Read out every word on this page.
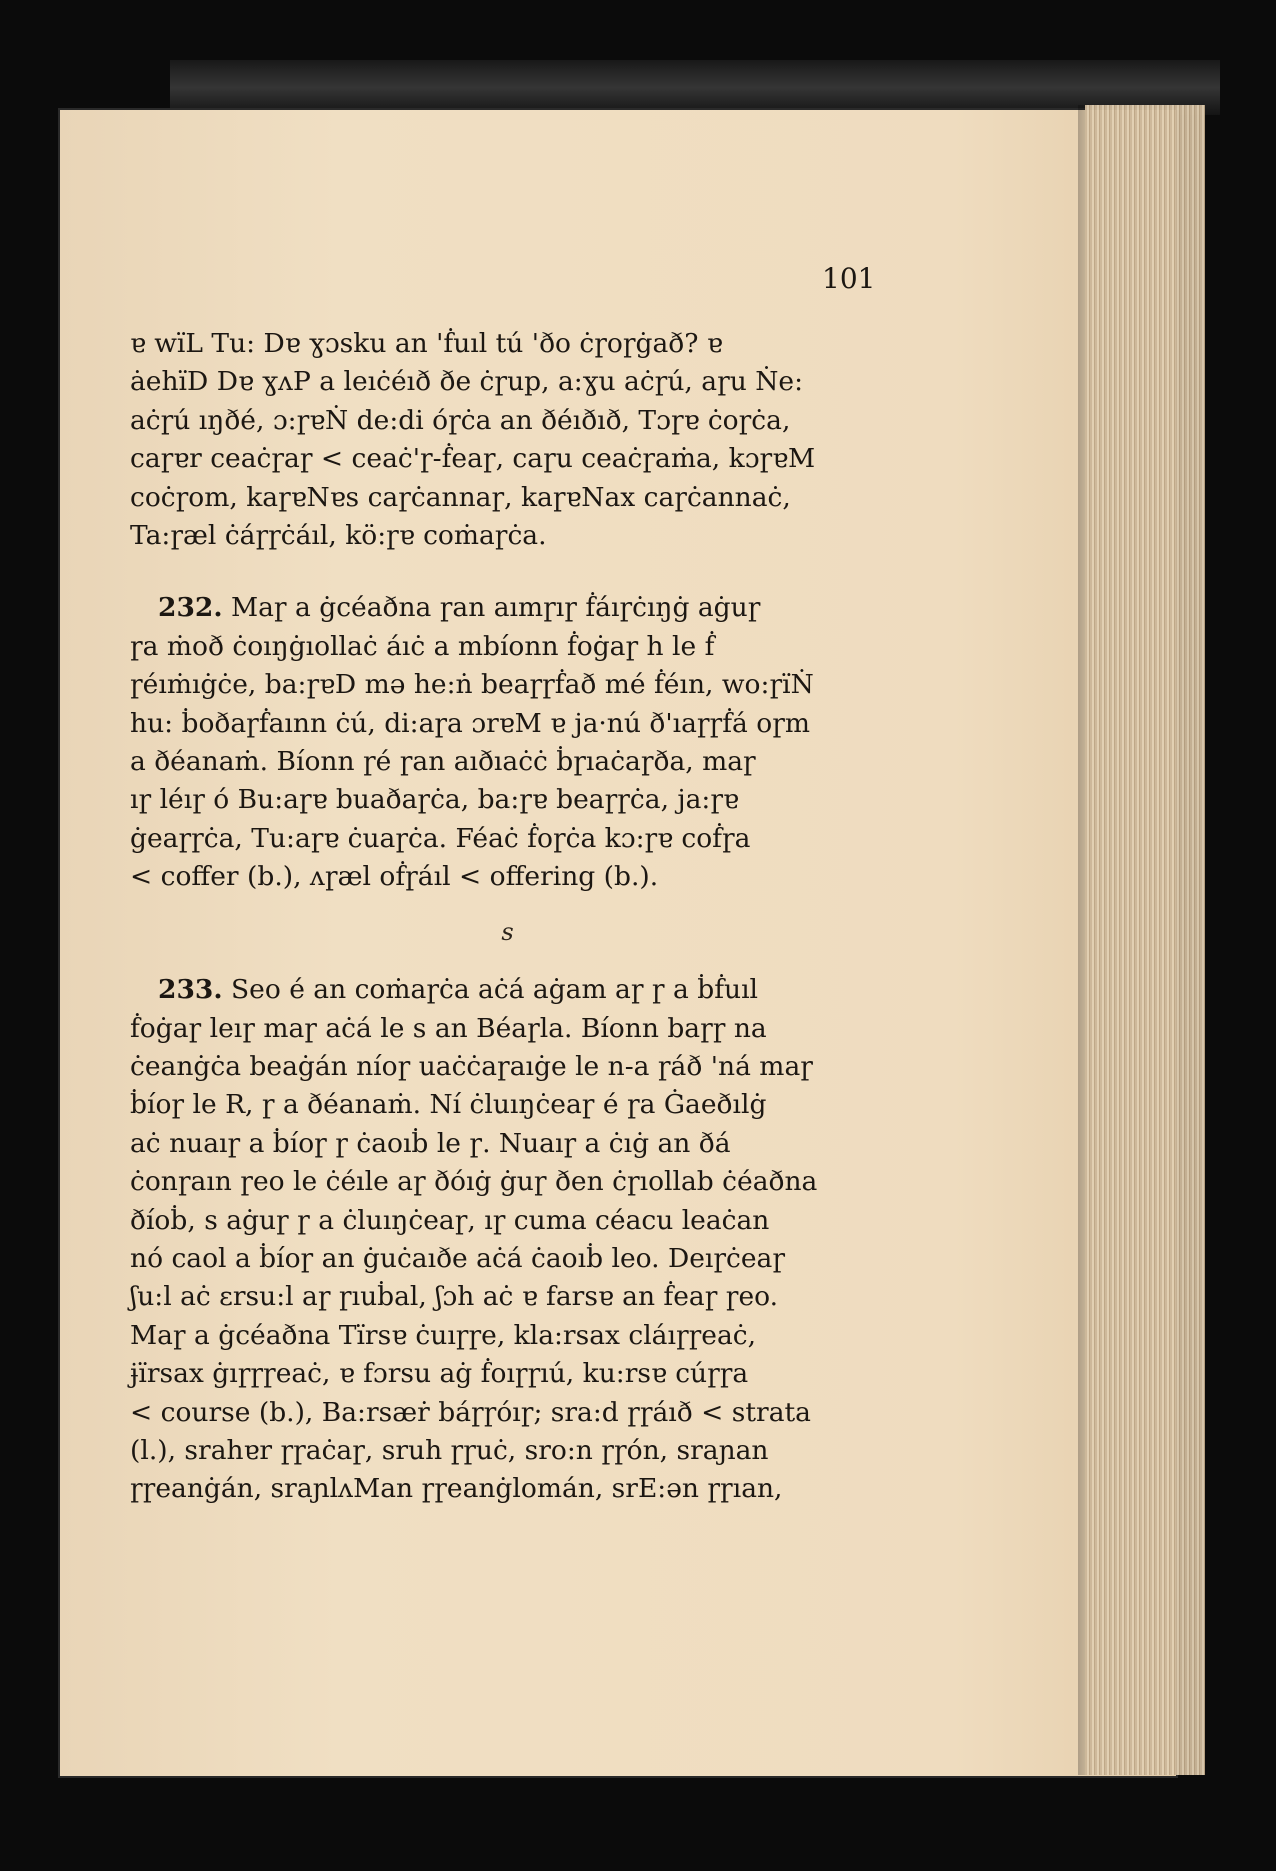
101

ɐ wïL Tu: Dɐ ɣɔsku an 'ḟuıl tú 'ðo ċɼoɼġað? ɐ

ȧehïD Dɐ ɣʌP a leıċéıð ðe ċɼup, a:ɣu aċɼú, aɼu Ṅe:

aċɼú ıŋðé, ɔ:ɼɐṄ de:di óɼċa an ðéıðıð, Tɔɼɐ ċoɼċa,

caɼɐr ceaċɼaɼ < ceaċ'ɼ-ḟeaɼ, caɼu ceaċɼaṁa, kɔɼɐM

coċɼom, kaɼɐNɐs caɼċannaɼ, kaɼɐNax caɼċannaċ,

Ta:ɼæl ċáɼɼċáıl, kö:ɼɐ coṁaɼċa.

232. Maɼ a ġcéaðna ɼan aımɼıɼ ḟáıɼċıŋġ aġuɼ

ɼa ṁoð ċoıŋġıollaċ áıċ a mbíonn ḟoġaɼ h le ḟ

ɼéıṁıġċe, ba:ɼɐD mə he:ṅ beaɼɼḟað mé ḟéın, wo:ɼïṄ

hu: ḃoðaɼḟaınn ċú, di:aɼa ɔrɐM ɐ ja·nú ð'ıaɼɼḟá oɼm

a ðéanaṁ. Bíonn ɼé ɼan aıðıaċċ ḃɼıaċaɼða, maɼ

ıɼ léıɼ ó Bu:aɼɐ buaðaɼċa, ba:ɼɐ beaɼɼċa, ja:ɼɐ

ġeaɼɼċa, Tu:aɼɐ ċuaɼċa. Féaċ ḟoɼċa kɔ:ɼɐ coḟɼa

< coffer (b.), ʌɼæl oḟɼáıl < offering (b.).

s

233. Seo é an coṁaɼċa aċá aġam aɼ ɼ a ḃḟuıl

ḟoġaɼ leıɼ maɼ aċá le s an Béaɼla. Bíonn baɼɼ na

ċeanġċa beaġán níoɼ uaċċaɼaıġe le n-a ɼáð 'ná maɼ

ḃíoɼ le R, ɼ a ðéanaṁ. Ní ċluıŋċeaɼ é ɼa Ġaeðılġ

aċ nuaıɼ a ḃíoɼ ɼ ċaoıḃ le ɼ. Nuaıɼ a ċıġ an ðá

ċonɼaın ɼeo le ċéıle aɼ ðóıġ ġuɼ ðen ċɼıollab ċéaðna

ðíoḃ, s aġuɼ ɼ a ċluıŋċeaɼ, ıɼ cuma céacu leaċan

nó caol a ḃíoɼ an ġuċaıðe aċá ċaoıḃ leo. Deıɼċeaɼ

ʃu:l aċ ɛrsu:l aɼ ɼıuḃal, ʃɔh aċ ɐ farsɐ an ḟeaɼ ɼeo.

Maɼ a ġcéaðna Tïrsɐ ċuıɼɼe, kla:rsax cláıɼɼeaċ,

ɉïrsax ġıɼɼɼeaċ, ɐ fɔrsu aġ ḟoıɼɼıú, ku:rsɐ cúɼɼa

< course (b.), Ba:rsæṙ báɼɼóıɼ; sra:d ɼɼáıð < strata

(l.), srahɐr ɼɼaċaɼ, sruh ɼɼuċ, sro:n ɼɼón, sraɲan

ɼɼeanġán, sraɲlʌMan ɼɼeanġlomán, srE:ən ɼɼıan,
